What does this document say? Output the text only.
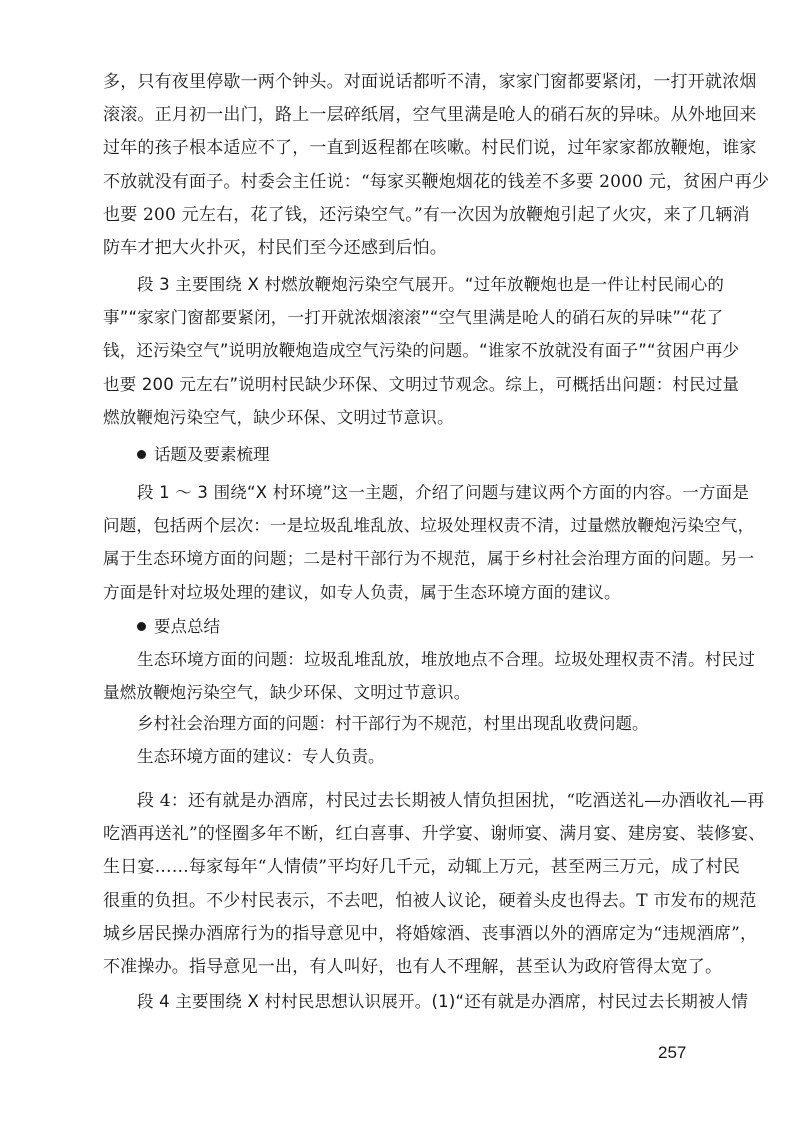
多，只有夜里停歇一两个钟头。对面说话都听不清，家家门窗都要紧闭，一打开就浓烟
滚滚。正月初一出门，路上一层碎纸屑，空气里满是呛人的硝石灰的异味。从外地回来
过年的孩子根本适应不了，一直到返程都在咳嗽。村民们说，过年家家都放鞭炮，谁家
不放就没有面子。村委会主任说：“每家买鞭炮烟花的钱差不多要 2000 元，贫困户再少
也要 200 元左右，花了钱，还污染空气。”有一次因为放鞭炮引起了火灾，来了几辆消
防车才把大火扑灭，村民们至今还感到后怕。
段 3 主要围绕 X 村燃放鞭炮污染空气展开。“过年放鞭炮也是一件让村民闹心的
事”“家家门窗都要紧闭，一打开就浓烟滚滚”“空气里满是呛人的硝石灰的异味”“花了
钱，还污染空气”说明放鞭炮造成空气污染的问题。“谁家不放就没有面子”“贫困户再少
也要 200 元左右”说明村民缺少环保、文明过节观念。综上，可概括出问题：村民过量
燃放鞭炮污染空气，缺少环保、文明过节意识。
话题及要素梳理
段 1 ～ 3 围绕“X 村环境”这一主题，介绍了问题与建议两个方面的内容。一方面是
问题，包括两个层次：一是垃圾乱堆乱放、垃圾处理权责不清，过量燃放鞭炮污染空气，
属于生态环境方面的问题；二是村干部行为不规范，属于乡村社会治理方面的问题。另一
方面是针对垃圾处理的建议，如专人负责，属于生态环境方面的建议。
要点总结
生态环境方面的问题：垃圾乱堆乱放，堆放地点不合理。垃圾处理权责不清。村民过
量燃放鞭炮污染空气，缺少环保、文明过节意识。
乡村社会治理方面的问题：村干部行为不规范，村里出现乱收费问题。
生态环境方面的建议：专人负责。
段 4：还有就是办酒席，村民过去长期被人情负担困扰，“吃酒送礼—办酒收礼—再
吃酒再送礼”的怪圈多年不断，红白喜事、升学宴、谢师宴、满月宴、建房宴、装修宴、
生日宴……每家每年“人情债”平均好几千元，动辄上万元，甚至两三万元，成了村民
很重的负担。不少村民表示，不去吧，怕被人议论，硬着头皮也得去。T 市发布的规范
城乡居民操办酒席行为的指导意见中，将婚嫁酒、丧事酒以外的酒席定为“违规酒席”，
不准操办。指导意见一出，有人叫好，也有人不理解，甚至认为政府管得太宽了。
段 4 主要围绕 X 村村民思想认识展开。(1)“还有就是办酒席，村民过去长期被人情
257
